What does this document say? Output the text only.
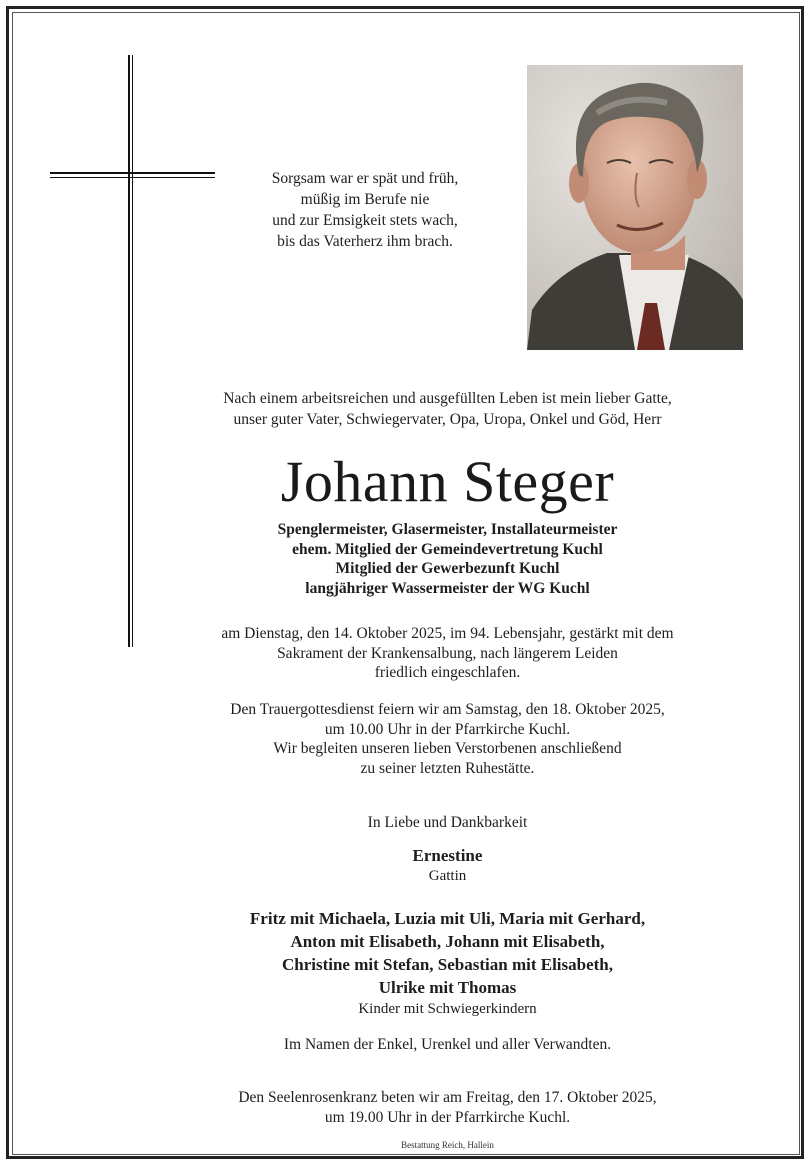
Sorgsam war er spät und früh,
müßig im Berufe nie
und zur Emsigkeit stets wach,
bis das Vaterherz ihm brach.
Nach einem arbeitsreichen und ausgefüllten Leben ist mein lieber Gatte,
unser guter Vater, Schwiegervater, Opa, Uropa, Onkel und Göd, Herr
Johann Steger
Spenglermeister, Glasermeister, Installateurmeister
ehem. Mitglied der Gemeindevertretung Kuchl
Mitglied der Gewerbezunft Kuchl
langjähriger Wassermeister der WG Kuchl
am Dienstag, den 14. Oktober 2025, im 94. Lebensjahr, gestärkt mit dem
Sakrament der Krankensalbung, nach längerem Leiden
friedlich eingeschlafen.
Den Trauergottesdienst feiern wir am Samstag, den 18. Oktober 2025,
um 10.00 Uhr in der Pfarrkirche Kuchl.
Wir begleiten unseren lieben Verstorbenen anschließend
zu seiner letzten Ruhestätte.
In Liebe und Dankbarkeit
Ernestine
Gattin
Fritz mit Michaela, Luzia mit Uli, Maria mit Gerhard,
Anton mit Elisabeth, Johann mit Elisabeth,
Christine mit Stefan, Sebastian mit Elisabeth,
Ulrike mit Thomas
Kinder mit Schwiegerkindern
Im Namen der Enkel, Urenkel und aller Verwandten.
Den Seelenrosenkranz beten wir am Freitag, den 17. Oktober 2025,
um 19.00 Uhr in der Pfarrkirche Kuchl.
Bestattung Reich, Hallein
